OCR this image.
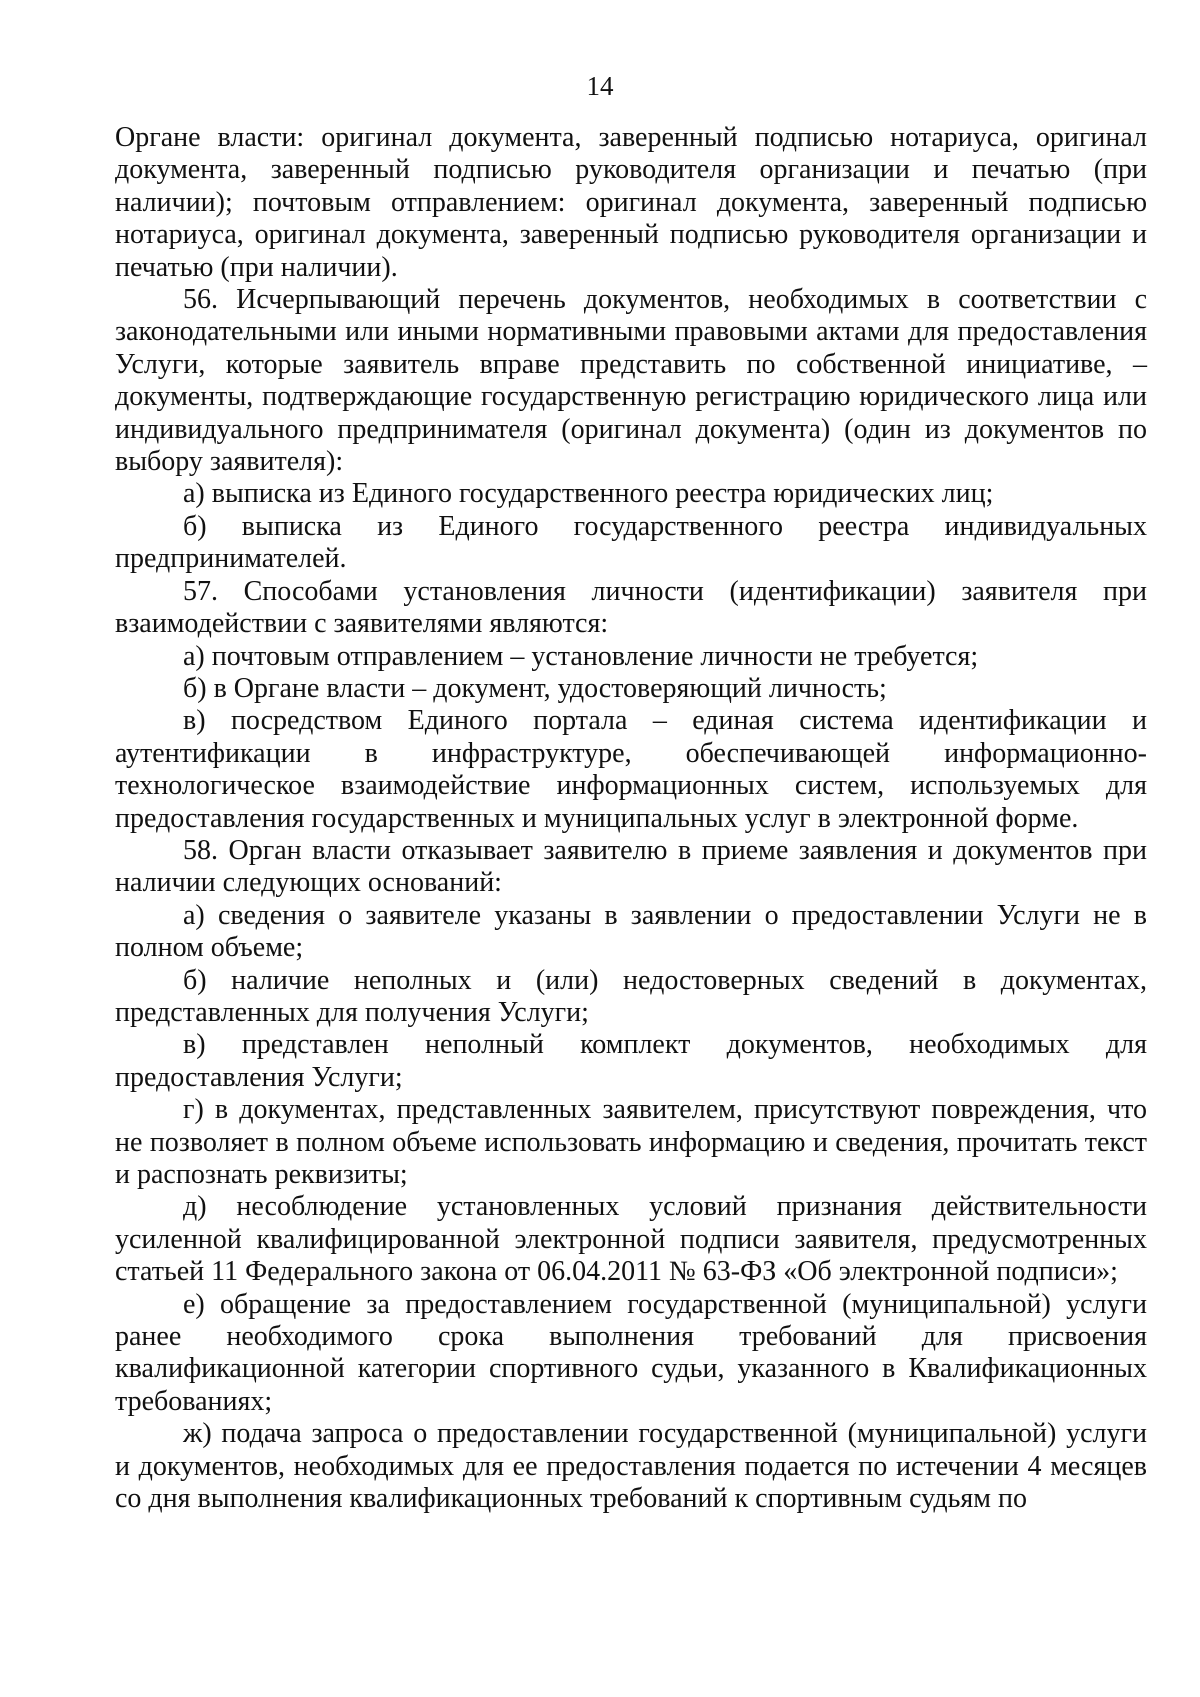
14

Органе власти: оригинал документа, заверенный подписью нотариуса, оригинал документа, заверенный подписью руководителя организации и печатью (при наличии); почтовым отправлением: оригинал документа, заверенный подписью нотариуса, оригинал документа, заверенный подписью руководителя организации и печатью (при наличии).

56. Исчерпывающий перечень документов, необходимых в соответствии с законодательными или иными нормативными правовыми актами для предоставления Услуги, которые заявитель вправе представить по собственной инициативе, – документы, подтверждающие государственную регистрацию юридического лица или индивидуального предпринимателя (оригинал документа) (один из документов по выбору заявителя):

а) выписка из Единого государственного реестра юридических лиц;

б) выписка из Единого государственного реестра индивидуальных предпринимателей.

57. Способами установления личности (идентификации) заявителя при взаимодействии с заявителями являются:

а) почтовым отправлением – установление личности не требуется;

б) в Органе власти – документ, удостоверяющий личность;

в) посредством Единого портала – единая система идентификации и аутентификации в инфраструктуре, обеспечивающей информационно-технологическое взаимодействие информационных систем, используемых для предоставления государственных и муниципальных услуг в электронной форме.

58. Орган власти отказывает заявителю в приеме заявления и документов при наличии следующих оснований:

а) сведения о заявителе указаны в заявлении о предоставлении Услуги не в полном объеме;

б) наличие неполных и (или) недостоверных сведений в документах, представленных для получения Услуги;

в) представлен неполный комплект документов, необходимых для предоставления Услуги;

г) в документах, представленных заявителем, присутствуют повреждения, что не позволяет в полном объеме использовать информацию и сведения, прочитать текст и распознать реквизиты;

д) несоблюдение установленных условий признания действительности усиленной квалифицированной электронной подписи заявителя, предусмотренных статьей 11 Федерального закона от 06.04.2011 № 63-ФЗ «Об электронной подписи»;

е) обращение за предоставлением государственной (муниципальной) услуги ранее необходимого срока выполнения требований для присвоения квалификационной категории спортивного судьи, указанного в Квалификационных требованиях;

ж) подача запроса о предоставлении государственной (муниципальной) услуги и документов, необходимых для ее предоставления подается по истечении 4 месяцев со дня выполнения квалификационных требований к спортивным судьям по
